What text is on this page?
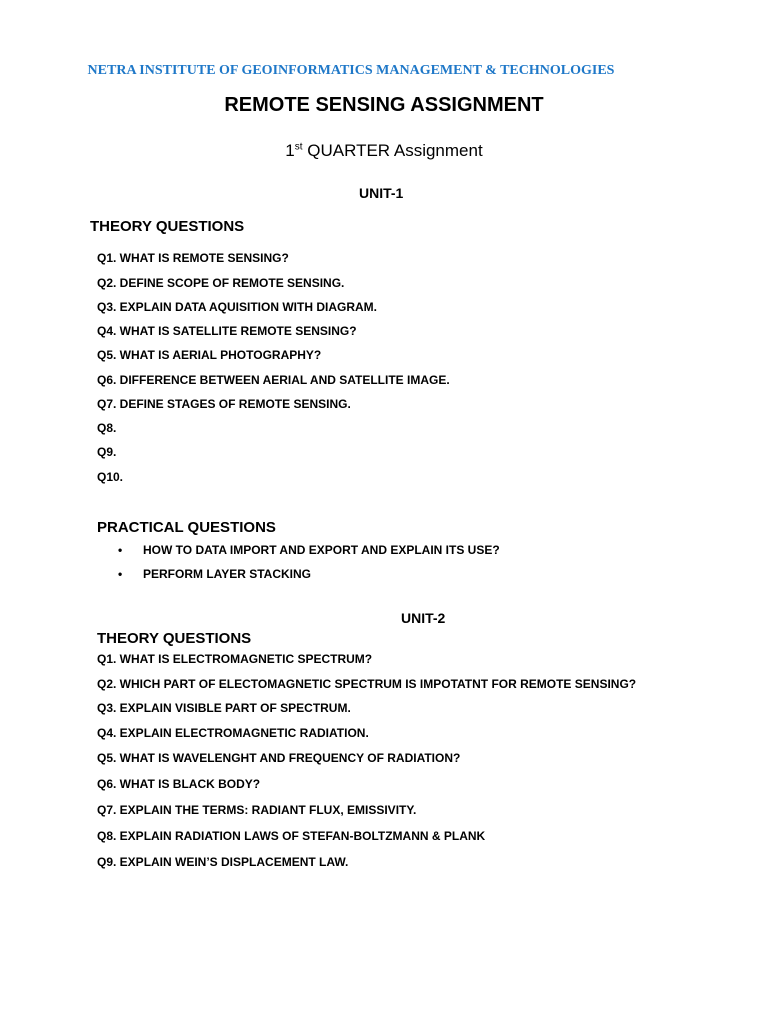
NETRA INSTITUTE OF GEOINFORMATICS MANAGEMENT & TECHNOLOGIES
REMOTE SENSING ASSIGNMENT
1st QUARTER Assignment
UNIT-1
THEORY QUESTIONS
Q1. WHAT IS REMOTE SENSING?
Q2. DEFINE SCOPE OF REMOTE SENSING.
Q3. EXPLAIN DATA AQUISITION WITH DIAGRAM.
Q4. WHAT IS SATELLITE REMOTE SENSING?
Q5. WHAT IS AERIAL PHOTOGRAPHY?
Q6. DIFFERENCE BETWEEN AERIAL AND SATELLITE IMAGE.
Q7. DEFINE STAGES OF REMOTE SENSING.
Q8.
Q9.
Q10.
PRACTICAL QUESTIONS
• HOW TO DATA IMPORT AND EXPORT AND EXPLAIN ITS USE?
• PERFORM LAYER STACKING
UNIT-2
THEORY QUESTIONS
Q1. WHAT IS ELECTROMAGNETIC SPECTRUM?
Q2. WHICH PART OF ELECTOMAGNETIC SPECTRUM IS IMPOTATNT FOR REMOTE SENSING?
Q3. EXPLAIN VISIBLE PART OF SPECTRUM.
Q4. EXPLAIN ELECTROMAGNETIC RADIATION.
Q5. WHAT IS WAVELENGHT AND FREQUENCY OF RADIATION?
Q6. WHAT IS BLACK BODY?
Q7. EXPLAIN THE TERMS: RADIANT FLUX, EMISSIVITY.
Q8. EXPLAIN RADIATION LAWS OF STEFAN-BOLTZMANN & PLANK
Q9. EXPLAIN WEIN’S DISPLACEMENT LAW.
